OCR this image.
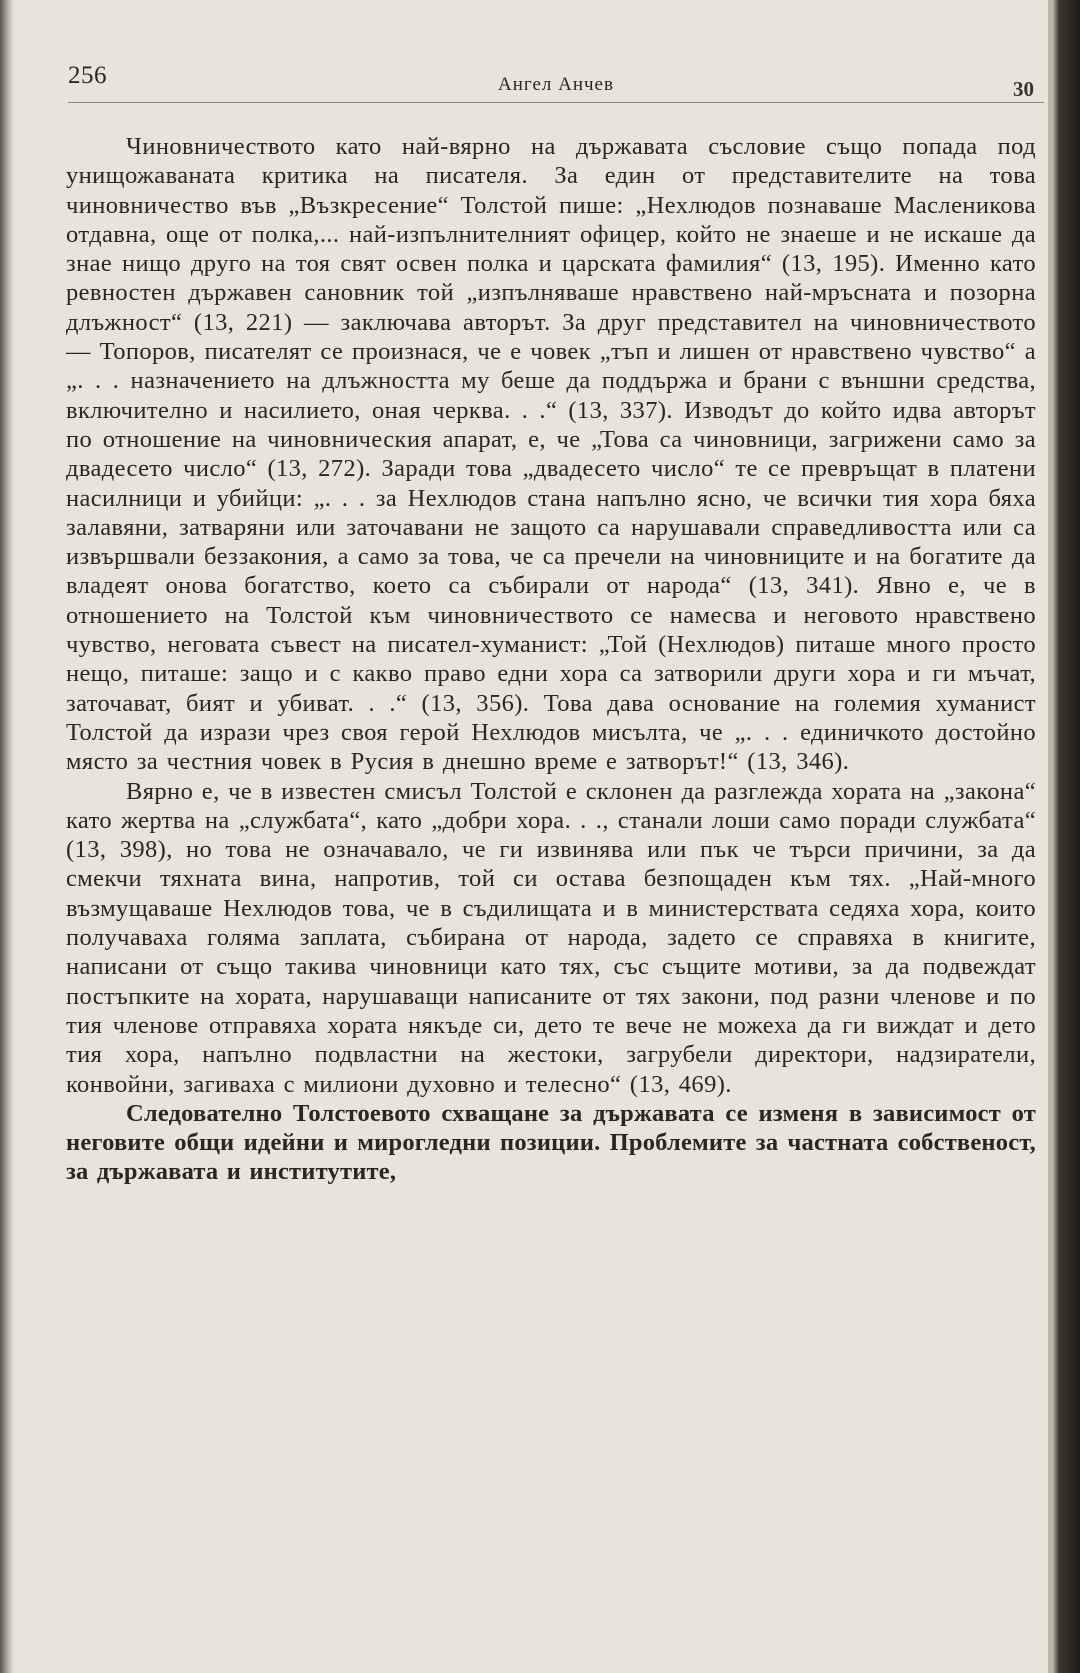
256	Ангел Анчев	30

Чиновничеството като най-вярно на държавата съсловие също попада под унищожаваната критика на писателя. За един от представителите на това чиновничество във „Възкресение“ Толстой пише: „Нехлюдов познаваше Масленикова отдавна, още от полка,... най-изпълнителният офицер, който не знаеше и не искаше да знае нищо друго на тоя свят освен полка и царската фамилия“ (13, 195). Именно като ревностен държавен сановник той „изпълняваше нравствено най-мръсната и позорна длъжност“ (13, 221) — заключава авторът. За друг представител на чиновничеството — Топоров, писателят се произнася, че е човек „тъп и лишен от нравствено чувство“ а „. . . назначението на длъжността му беше да поддържа и брани с външни средства, включително и насилието, оная черква. . .“ (13, 337). Изводът до който идва авторът по отношение на чиновническия апарат, е, че „Това са чиновници, загрижени само за двадесето число“ (13, 272). Заради това „двадесето число“ те се превръщат в платени насилници и убийци: „. . . за Нехлюдов стана напълно ясно, че всички тия хора бяха залавяни, затваряни или заточавани не защото са нарушавали справедливостта или са извършвали беззакония, а само за това, че са пречели на чиновниците и на богатите да владеят онова богатство, което са събирали от народа“ (13, 341). Явно е, че в отношението на Толстой към чиновничеството се намесва и неговото нравствено чувство, неговата съвест на писател-хуманист: „Той (Нехлюдов) питаше много просто нещо, питаше: защо и с какво право едни хора са затворили други хора и ги мъчат, заточават, бият и убиват. . .“ (13, 356). Това дава основание на големия хуманист Толстой да изрази чрез своя герой Нехлюдов мисълта, че „. . . единичкото достойно място за честния човек в Русия в днешно време е затворът!“ (13, 346).

Вярно е, че в известен смисъл Толстой е склонен да разглежда хората на „закона“ като жертва на „службата“, като „добри хора. . ., станали лоши само поради службата“ (13, 398), но това не означавало, че ги извинява или пък че търси причини, за да смекчи тяхната вина, напротив, той си остава безпощаден към тях. „Най-много възмущаваше Нехлюдов това, че в съдилищата и в министерствата седяха хора, които получаваха голяма заплата, събирана от народа, задето се справяха в книгите, написани от също такива чиновници като тях, със същите мотиви, за да подвеждат постъпките на хората, нарушаващи написаните от тях закони, под разни членове и по тия членове отправяха хората някъде си, дето те вече не можеха да ги виждат и дето тия хора, напълно подвластни на жестоки, загрубели директори, надзиратели, конвойни, загиваха с милиони духовно и телесно“ (13, 469).

Следователно Толстоевото схващане за държавата се изменя в зависимост от неговите общи идейни и мирогледни позиции. Проблемите за частната собственост, за държавата и институтите,
